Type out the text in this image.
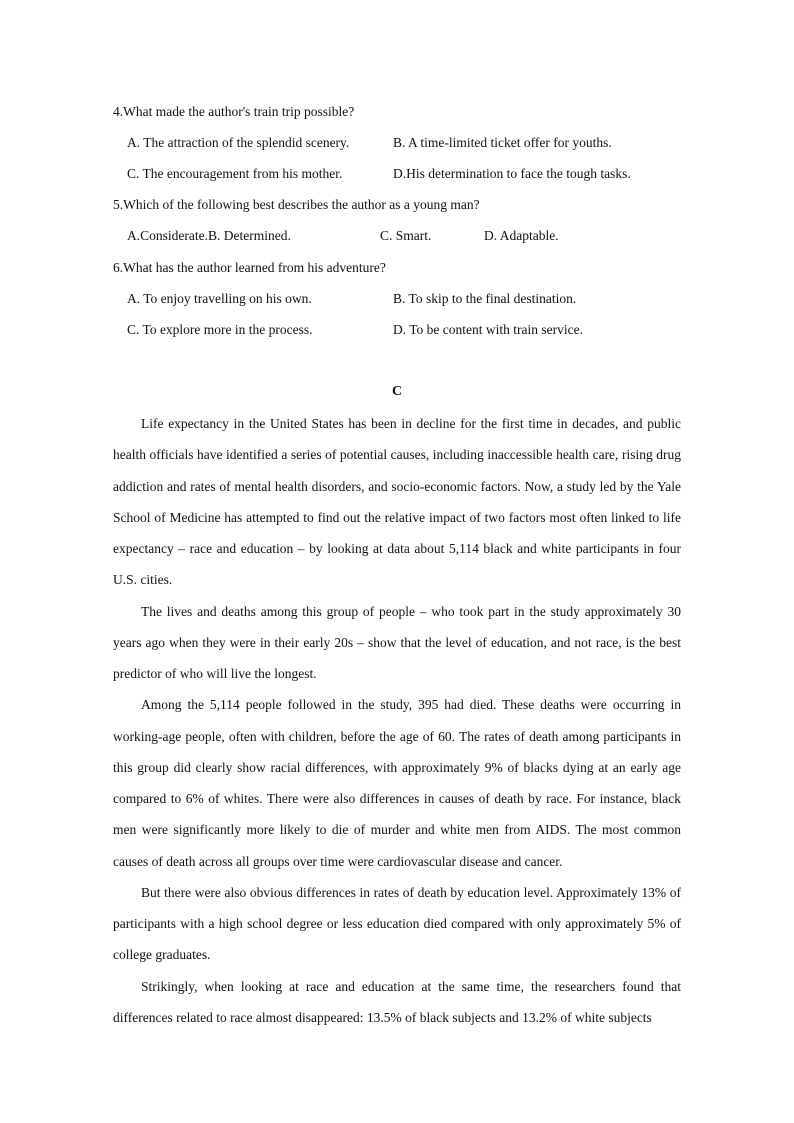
4.What made the author's train trip possible?
A. The attraction of the splendid scenery.	B. A time-limited ticket offer for youths.
C. The encouragement from his mother.	D.His determination to face the tough tasks.
5.Which of the following best describes the author as a young man?
A.Considerate.B. Determined.	C. Smart.	D. Adaptable.
6.What has the author learned from his adventure?
A. To enjoy travelling on his own.	B. To skip to the final destination.
C. To explore more in the process.	D. To be content with train service.
C

Life expectancy in the United States has been in decline for the first time in decades, and public health officials have identified a series of potential causes, including inaccessible health care, rising drug addiction and rates of mental health disorders, and socio-economic factors. Now, a study led by the Yale School of Medicine has attempted to find out the relative impact of two factors most often linked to life expectancy – race and education – by looking at data about 5,114 black and white participants in four U.S. cities.

The lives and deaths among this group of people – who took part in the study approximately 30 years ago when they were in their early 20s – show that the level of education, and not race, is the best predictor of who will live the longest.

Among the 5,114 people followed in the study, 395 had died. These deaths were occurring in working-age people, often with children, before the age of 60. The rates of death among participants in this group did clearly show racial differences, with approximately 9% of blacks dying at an early age compared to 6% of whites. There were also differences in causes of death by race. For instance, black men were significantly more likely to die of murder and white men from AIDS. The most common causes of death across all groups over time were cardiovascular disease and cancer.

But there were also obvious differences in rates of death by education level. Approximately 13% of participants with a high school degree or less education died compared with only approximately 5% of college graduates.

Strikingly, when looking at race and education at the same time, the researchers found that differences related to race almost disappeared: 13.5% of black subjects and 13.2% of white subjects
